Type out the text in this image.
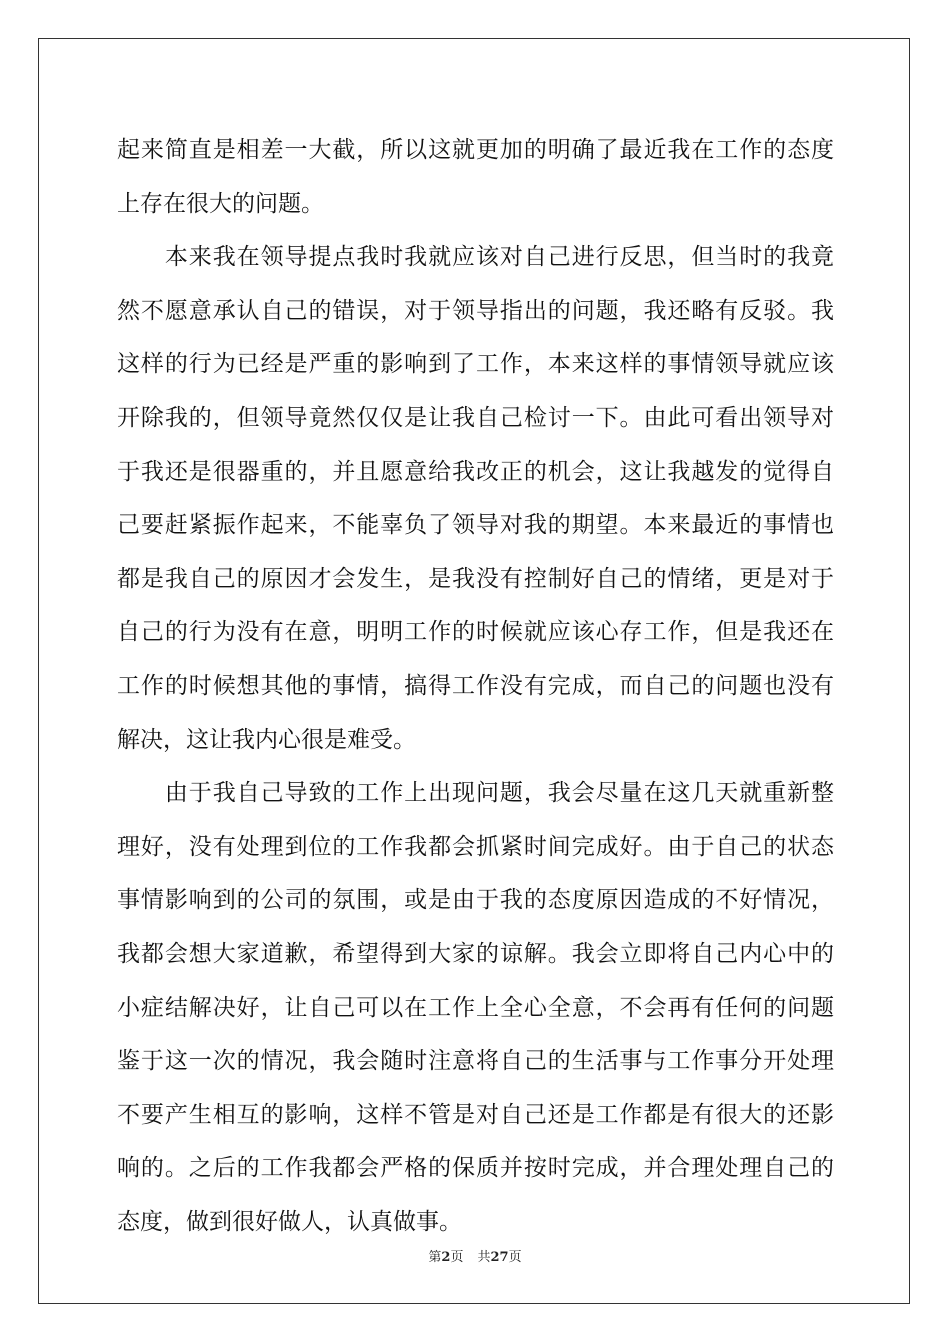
起来简直是相差一大截，所以这就更加的明确了最近我在工作的态度
上存在很大的问题。
　　本来我在领导提点我时我就应该对自己进行反思，但当时的我竟
然不愿意承认自己的错误，对于领导指出的问题，我还略有反驳。我
这样的行为已经是严重的影响到了工作，本来这样的事情领导就应该
开除我的，但领导竟然仅仅是让我自己检讨一下。由此可看出领导对
于我还是很器重的，并且愿意给我改正的机会，这让我越发的觉得自
己要赶紧振作起来，不能辜负了领导对我的期望。本来最近的事情也
都是我自己的原因才会发生，是我没有控制好自己的情绪，更是对于
自己的行为没有在意，明明工作的时候就应该心存工作，但是我还在
工作的时候想其他的事情，搞得工作没有完成，而自己的问题也没有
解决，这让我内心很是难受。
　　由于我自己导致的工作上出现问题，我会尽量在这几天就重新整
理好，没有处理到位的工作我都会抓紧时间完成好。由于自己的状态
事情影响到的公司的氛围，或是由于我的态度原因造成的不好情况，
我都会想大家道歉，希望得到大家的谅解。我会立即将自己内心中的
小症结解决好，让自己可以在工作上全心全意，不会再有任何的问题
鉴于这一次的情况，我会随时注意将自己的生活事与工作事分开处理
不要产生相互的影响，这样不管是对自己还是工作都是有很大的还影
响的。之后的工作我都会严格的保质并按时完成，并合理处理自己的
态度，做到很好做人，认真做事。
第2页 共27页
